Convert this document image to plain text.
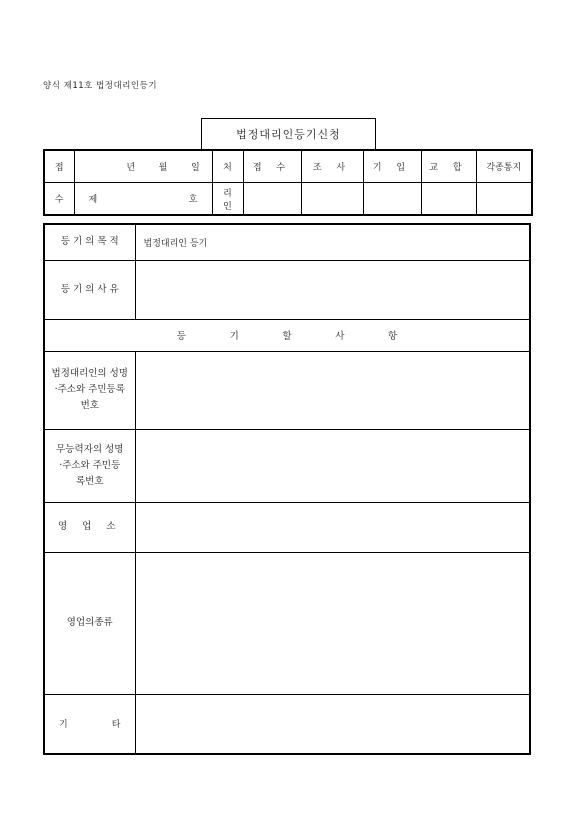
양식 제11호 법정대리인등기
법정대리인등기신청
접	년 월 일	처	접 수	조 사	기 입	교 합	각종통지
수	제 호	리
인					
등 기 의 목 적	법정대리인 등기
등 기 의 사 유	

등 기 할 사 항	

법정대리인의 성명·주소와 주민등록번호	
무능력자의 성명·주소와 주민등록번호	
영 업 소	
영업의종류	

기 타	
